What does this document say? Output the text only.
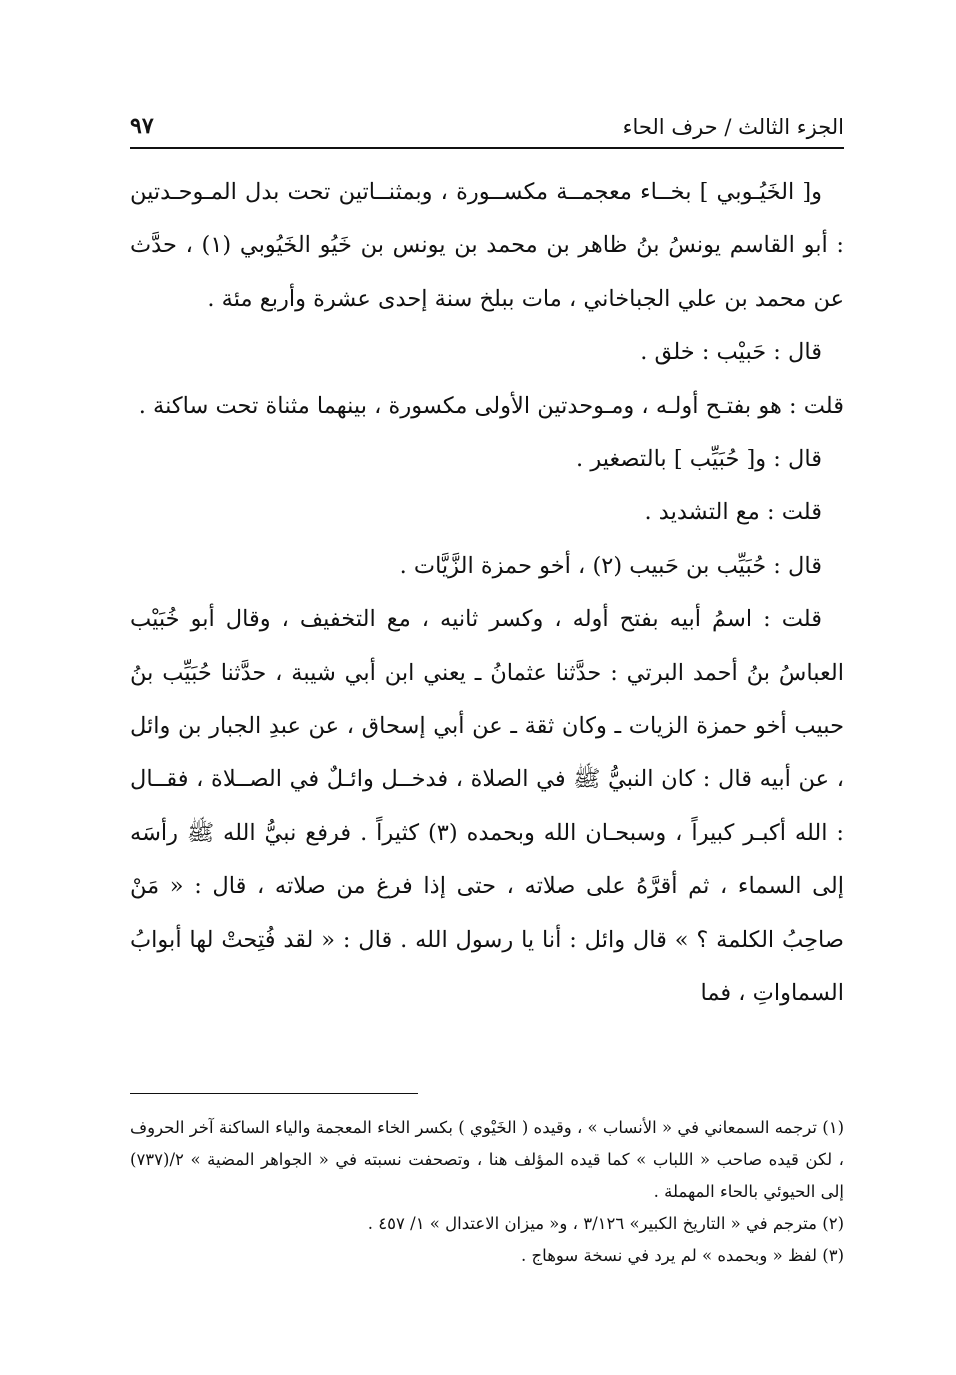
الجزء الثالث / حرف الحاء
٩٧

و[ الخَيُـوبي ] بخــاء معجمــة مكســورة ، وبمثنــاتين تحت بدل المـوحـدتين : أبو القاسم يونسُ بنُ ظاهر بن محمد بن يونس بن خَيُو الخَيُوبي (١) ، حدَّث عن محمد بن علي الجباخاني ، مات ببلخ سنة إحدى عشرة وأربع مئة .

قال : حَبيْب : خلق .

قلت : هو بفتـح أولـه ، ومـوحدتين الأولى مكسورة ، بينهما مثناة تحت ساكنة .

قال : و[ حُبَيِّب ] بالتصغير .

قلت : مع التشديد .

قال : حُبَيِّب بن حَبيب (٢) ، أخو حمزة الزَّيَّات .

قلت : اسمُ أبيه بفتح أوله ، وكسر ثانيه ، مع التخفيف ، وقال أبو خُبَيْب العباسُ بنُ أحمد البرتي : حدَّثنا عثمانُ ـ يعني ابن أبي شيبة ، حدَّثنا حُبَيِّب بنُ حبيب أخو حمزة الزيات ـ وكان ثقة ـ عن أبي إسحاق ، عن عبدِ الجبار بن وائل ، عن أبيه قال : كان النبيُّ ﷺ في الصلاة ، فدخــل وائـلٌ في الصــلاة ، فقــال : الله أكبـر كبيراً ، وسبحـان الله وبحمده (٣) كثيراً . فرفع نبيُّ الله ﷺ رأسَه إلى السماء ، ثم أقرَّهُ على صلاته ، حتى إذا فرغ من صلاته ، قال : « مَنْ صاحِبُ الكلمة ؟ » قال وائل : أنا يا رسول الله . قال : « لقد فُتِحتْ لها أبوابُ السماواتِ ، فما

(١) ترجمه السمعاني في « الأنساب » ، وقيده ( الخَيْوي ) بكسر الخاء المعجمة والياء الساكنة آخر الحروف ، لكن قيده صاحب « اللباب » كما قيده المؤلف هنا ، وتصحفت نسبته في « الجواهر المضية » ٢/(٧٣٧) إلى الحيوئي بالحاء المهملة .

(٢) مترجم في « التاريخ الكبير» ٣/١٢٦ ، و« ميزان الاعتدال » ١/ ٤٥٧ .

(٣) لفظ « وبحمده » لم يرد في نسخة سوهاج .
